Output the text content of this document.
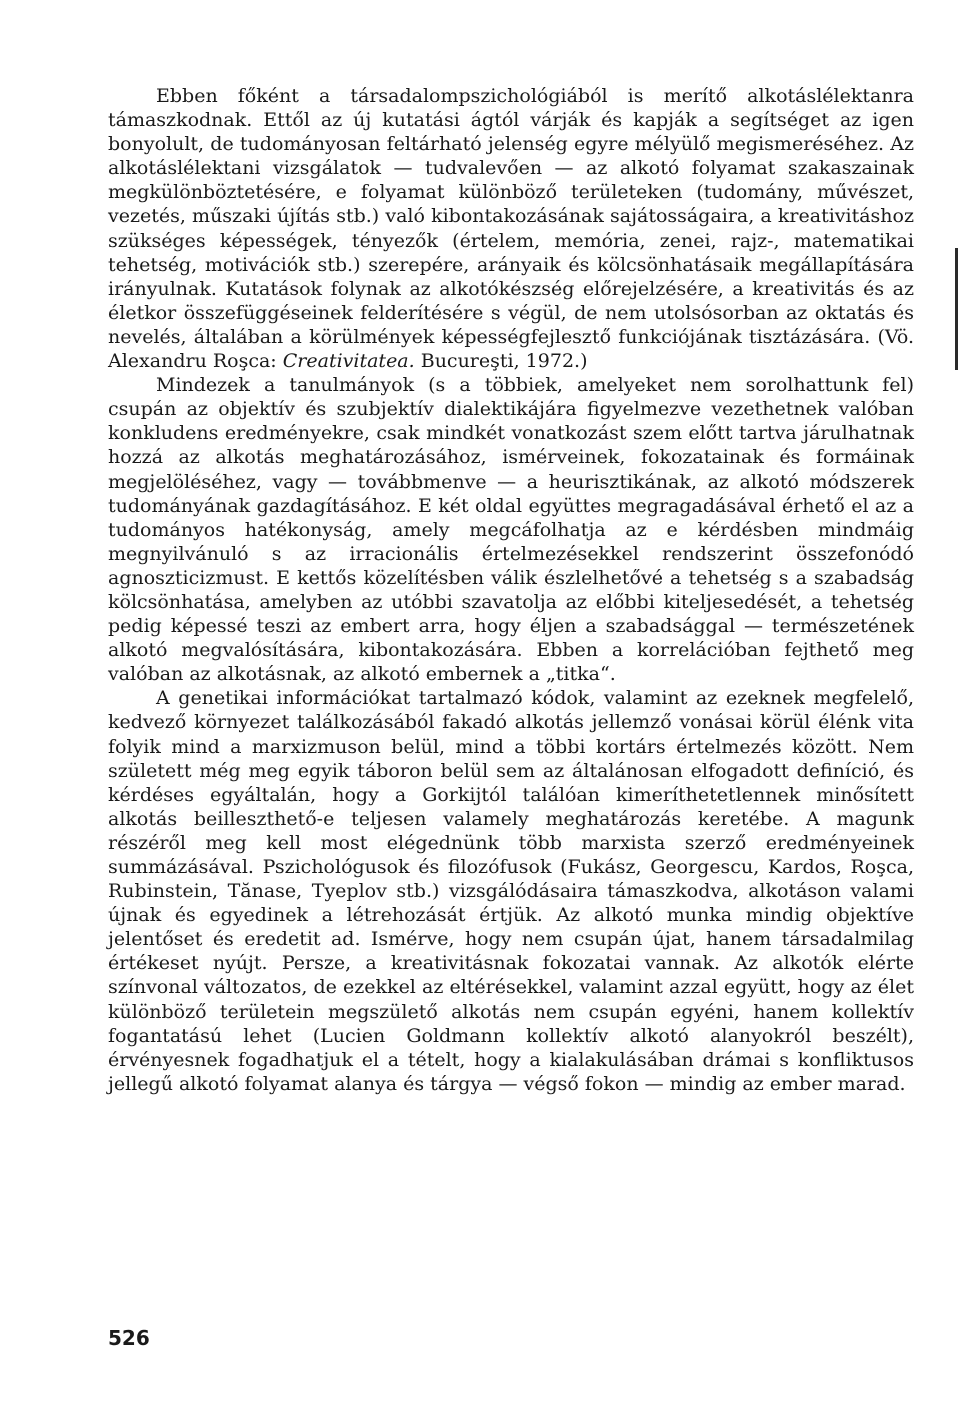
Ebben főként a társadalompszichológiából is merítő alkotáslélektanra támaszkodnak. Ettől az új kutatási ágtól várják és kapják a segítséget az igen bonyolult, de tudományosan feltárható jelenség egyre mélyülő megismeréséhez. Az alkotáslélektani vizsgálatok — tudvalevően — az alkotó folyamat szakaszainak megkülönböztetésére, e folyamat különböző területeken (tudomány, művészet, vezetés, műszaki újítás stb.) való kibontakozásának sajátosságaira, a kreativitáshoz szükséges képességek, tényezők (értelem, memória, zenei, rajz-, matematikai tehetség, motivációk stb.) szerepére, arányaik és kölcsönhatásaik megállapítására irányulnak. Kutatások folynak az alkotókészség előrejelzésére, a kreativitás és az életkor összefüggéseinek felderítésére s végül, de nem utolsósorban az oktatás és nevelés, általában a körülmények képességfejlesztő funkciójának tisztázására. (Vö. Alexandru Roşca: Creativitatea. Bucureşti, 1972.)

Mindezek a tanulmányok (s a többiek, amelyeket nem sorolhattunk fel) csupán az objektív és szubjektív dialektikájára figyelmezve vezethetnek valóban konkludens eredményekre, csak mindkét vonatkozást szem előtt tartva járulhatnak hozzá az alkotás meghatározásához, ismérveinek, fokozatainak és formáinak megjelöléséhez, vagy — továbbmenve — a heurisztikának, az alkotó módszerek tudományának gazdagításához. E két oldal együttes megragadásával érhető el az a tudományos hatékonyság, amely megcáfolhatja az e kérdésben mindmáig megnyilvánuló s az irracionális értelmezésekkel rendszerint összefonódó agnoszticizmust. E kettős közelítésben válik észlelhetővé a tehetség s a szabadság kölcsönhatása, amelyben az utóbbi szavatolja az előbbi kiteljesedését, a tehetség pedig képessé teszi az embert arra, hogy éljen a szabadsággal — természetének alkotó megvalósítására, kibontakozására. Ebben a korrelációban fejthető meg valóban az alkotásnak, az alkotó embernek a „titka“.

A genetikai információkat tartalmazó kódok, valamint az ezeknek megfelelő, kedvező környezet találkozásából fakadó alkotás jellemző vonásai körül élénk vita folyik mind a marxizmuson belül, mind a többi kortárs értelmezés között. Nem született még meg egyik táboron belül sem az általánosan elfogadott definíció, és kérdéses egyáltalán, hogy a Gorkijtól találóan kimeríthetetlennek minősített alkotás beilleszthető-e teljesen valamely meghatározás keretébe. A magunk részéről meg kell most elégednünk több marxista szerző eredményeinek summázásával. Pszichológusok és filozófusok (Fukász, Georgescu, Kardos, Roşca, Rubinstein, Tănase, Tyeplov stb.) vizsgálódásaira támaszkodva, alkotáson valami újnak és egyedinek a létrehozását értjük. Az alkotó munka mindig objektíve jelentőset és eredetit ad. Ismérve, hogy nem csupán újat, hanem társadalmilag értékeset nyújt. Persze, a kreativitásnak fokozatai vannak. Az alkotók elérte színvonal változatos, de ezekkel az eltérésekkel, valamint azzal együtt, hogy az élet különböző területein megszülető alkotás nem csupán egyéni, hanem kollektív fogantatású lehet (Lucien Goldmann kollektív alkotó alanyokról beszélt), érvényesnek fogadhatjuk el a tételt, hogy a kialakulásában drámai s konfliktusos jellegű alkotó folyamat alanya és tárgya — végső fokon — mindig az ember marad.

526
